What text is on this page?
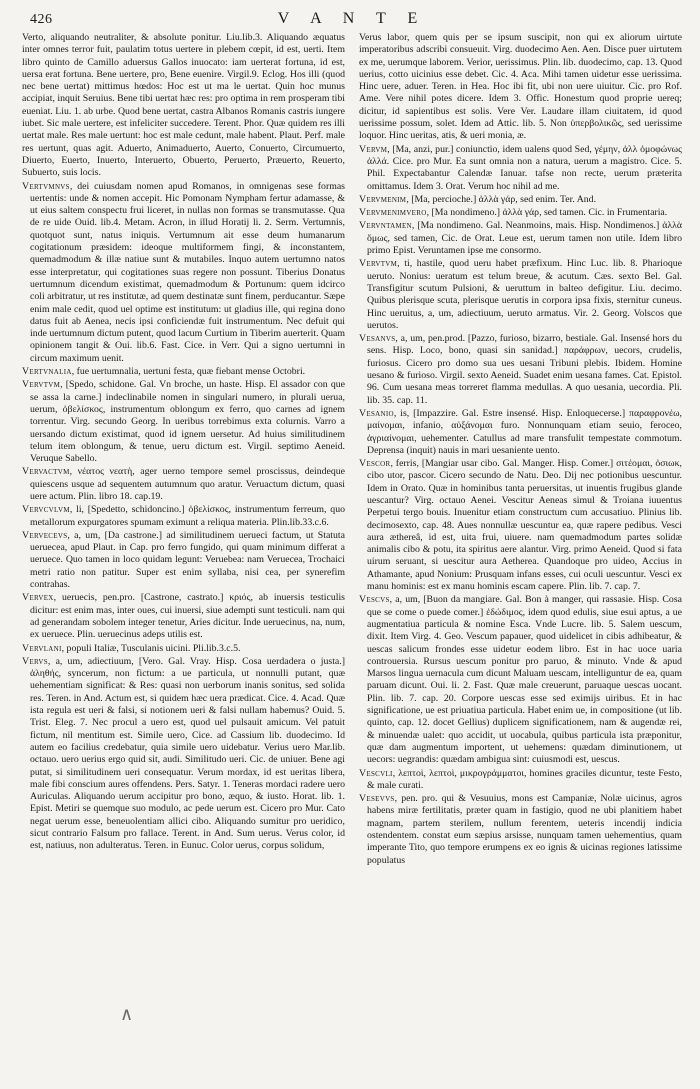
426	V A N T E

Verto, aliquando neutraliter, & absolute ponitur. Liu.lib.3. Aliquando æquatus inter omnes terror fuit, paulatim totus uertere in plebem cœpit, id est, uerti. Item libro quinto de Camillo aduersus Gallos inuocato: iam uerterat fortuna, id est, uersa erat fortuna. Bene uertere, pro, Bene euenire. Virgil.9. Eclog. Hos illi (quod nec bene uertat) mittimus hœdos: Hoc est ut ma le uertat. Quin hoc munus accipiat, inquit Seruius. Bene tibi uertat hæc res: pro optima in rem prosperam tibi eueniat. Liu. 1. ab urbe. Quod bene uertat, castra Albanos Romanis castris iungere iubet. Sic male uertere, est infeliciter succedere. Terent. Phor. Quæ quidem res illi uertat male. Res male uertunt: hoc est male cedunt, male habent. Plaut. Perf. male res uertunt, quas agit. Aduerto, Animaduerto, Auerto, Conuerto, Circumuerto, Diuerto, Euerto, Inuerto, Interuerto, Obuerto, Peruerto, Præuerto, Reuerto, Subuerto, suis locis.

Vertvmnvs, dei cuiusdam nomen apud Romanos, in omnigenas sese formas uertentis: unde & nomen accepit. Hic Pomonam Nympham fertur adamasse, & ut eius saltem conspectu frui liceret, in nullas non formas se transmutasse. Qua de re uide Ouid. lib.4. Metam. Acron, in illud Horatij li. 2. Serm. Vertumnis, quotquot sunt, natus iniquis. Vertumnum ait esse deum humanarum cogitationum præsidem: ideoque multiformem fingi, & inconstantem, quemadmodum & illæ natiue sunt & mutabiles. Inquo autem uertumno natos esse interpretatur, qui cogitationes suas regere non possunt. Tiberius Donatus uertumnum dicendum existimat, quemadmodum & Portunum: quem idcirco coli arbitratur, ut res institutæ, ad quem destinatæ sunt finem, perducantur. Sæpe enim male cedit, quod uel optime est institutum: ut gladius ille, qui regina dono datus fuit ab Aenea, necis ipsi conficiendæ fuit instrumentum. Nec defuit qui inde uertumnum dictum putent, quod lacum Curtium in Tiberim auerterit. Quam opinionem tangit & Oui. lib.6. Fast. Cice. in Verr. Qui a signo uertumni in circum maximum uenit.

Vertvnalia, fue uertumnalia, uertuni festa, quæ fiebant mense Octobri.

Vervtvm, [Spedo, schidone. Gal. Vn broche, un haste. Hisp. El assador con que se assa la carne.] indeclinabile nomen in singulari numero, in plurali uerua, uerum, ὀβελίσκος, instrumentum oblongum ex ferro, quo carnes ad ignem torrentur. Virg. secundo Georg. In ueribus torrebimus exta colurnis. Varro a uersando dictum existimat, quod id ignem uersetur. Ad huius similitudinem telum item oblongum, & tenue, ueru dictum est. Virgil. septimo Aeneid. Veruque Sabello.

Vervactvm, νέατος νεατὴ, ager uerno tempore semel proscissus, deindeque quiescens usque ad sequentem autumnum quo aratur. Veruactum dictum, quasi uere actum. Plin. libro 18. cap.19.

Vervcvlvm, li, [Spedetto, schidoncino.] ὀβελίσκος, instrumentum ferreum, quo metallorum expurgatores spumam eximunt a reliqua materia. Plin.lib.33.c.6.

Vervecevs, a, um, [Da castrone.] ad similitudinem uerueci factum, ut Statuta ueruecea, apud Plaut. in Cap. pro ferro fungido, qui quam minimum differat a ueruece. Quo tamen in loco quidam legunt: Veruebea: nam Veruecea, Trochaici metri ratio non patitur. Super est enim syllaba, nisi cea, per synerefim contrahas.

Vervex, ueruecis, pen.pro. [Castrone, castrato.] κριός, ab inuersis testiculis dicitur: est enim mas, inter oues, cui inuersi, siue adempti sunt testiculi. nam qui ad generandam sobolem integer tenetur, Aries dicitur. Inde ueruecinus, na, num, ex ueruece. Plin. ueruecinus adeps utilis est.

Vervlani, populi Italiæ, Tusculanis uicini. Pli.lib.3.c.5.

Vervs, a, um, adiectiuum, [Vero. Gal. Vray. Hisp. Cosa uerdadera o justa.] ἀληθής, syncerum, non fictum: a ue particula, ut nonnulli putant, quæ uehementiam significat: & Res: quasi non uerborum inanis sonitus, sed solida res. Teren. in And. Actum est, si quidem hæc uera prædicat. Cice. 4. Acad. Quæ ista regula est ueri & falsi, si notionem ueri & falsi nullam habemus? Ouid. 5. Trist. Eleg. 7. Nec procul a uero est, quod uel pulsauit amicum. Vel patuit fictum, nil mentitum est. Simile uero, Cice. ad Cassium lib. duodecimo. Id autem eo facilius credebatur, quia simile uero uidebatur. Verius uero Mar.lib. octauo. uero uerius ergo quid sit, audi. Similitudo ueri. Cic. de uniuer. Bene agi putat, si similitudinem ueri consequatur. Verum mordax, id est ueritas libera, male fibi conscium aures offendens. Pers. Satyr. 1. Teneras mordaci radere uero Auriculas. Aliquando uerum accipitur pro bono, æquo, & iusto. Horat. lib. 1. Epist. Metiri se quemque suo modulo, ac pede uerum est. Cicero pro Mur. Cato negat uerum esse, beneuolentiam allici cibo. Aliquando sumitur pro ueridico, sicut contrario Falsum pro fallace. Terent. in And. Sum uerus. Verus color, id est, natiuus, non adulteratus. Teren. in Eunuc. Color uerus, corpus solidum,

Verus labor, quem quis per se ipsum suscipit, non qui ex aliorum uirtute imperatoribus adscribi consueuit. Virg. duodecimo Aen. Aen. Disce puer uirtutem ex me, uerumque laborem. Verior, uerissimus. Plin. lib. duodecimo, cap. 13. Quod uerius, cotto uicinius esse debet. Cic. 4. Aca. Mihi tamen uidetur esse uerissima. Hinc uere, aduer. Teren. in Hea. Hoc ibi fit, ubi non uere uiuitur. Cic. pro Rof. Ame. Vere nihil potes dicere. Idem 3. Offic. Honestum quod proprie uereq; dicitur, id sapientibus est solis. Vere Ver. Laudare illam ciuitatem, id quod uerissime possum, solet. Idem ad Attic. lib. 5. Non ὑπερβολικῶς, sed uerissime loquor. Hinc ueritas, atis, & ueri monia, æ.

Vervm, [Ma, anzi, pur.] coniunctio, idem ualens quod Sed, γέμην, ἀλλ ὁμοφώνως ἀλλά. Cice. pro Mur. Ea sunt omnia non a natura, uerum a magistro. Cice. 5. Phil. Expectabantur Calendæ Ianuar. tafse non recte, uerum præterita omittamus. Idem 3. Orat. Verum hoc nihil ad me.

Vervmenim, [Ma, percioche.] ἀλλὰ γάρ, sed enim. Ter. And.

Vervmenimvero, [Ma nondimeno.] ἀλλὰ γάρ, sed tamen. Cic. in Frumentaria.

Vervntamen, [Ma nondimeno. Gal. Neanmoins, mais. Hisp. Nondimenos.] ἀλλὰ ὅμως, sed tamen, Cic. de Orat. Leue est, uerum tamen non utile. Idem libro primo Epist. Veruntamen ipse me consormo.

Vervtvm, ti, hastile, quod ueru habet præfixum. Hinc Luc. lib. 8. Pharioque ueruto. Nonius: ueratum est telum breue, & acutum. Cæs. sexto Bel. Gal. Transfigitur scutum Pulsioni, & ueruttum in balteo defigitur. Liu. decimo. Quibus plerisque scuta, plerisque uerutis in corpora ipsa fixis, sternitur cuneus. Hinc ueruitus, a, um, adiectiuum, ueruto armatus. Vir. 2. Georg. Volscos que uerutos.

Vesanvs, a, um, pen.prod. [Pazzo, furioso, bizarro, bestiale. Gal. Insensé hors du sens. Hisp. Loco, bono, quasi sin sanidad.] παράφρων, uecors, crudelis, furiosus. Cicero pro domo sua ues uesani Tribuni plebis. Ibidem. Homine uesano & furioso. Virgil. sexto Aeneid. Suadet enim uesana fames. Cat. Epistol. 96. Cum uesana meas torreret flamma medullas. A quo uesania, uecordia. Pli. lib. 35. cap. 11.

Vesanio, is, [Impazzire. Gal. Estre insensé. Hisp. Enloquecerse.] παραφρονέω, μαίνομαι, infanio, αὐξάνομαι furo. Nonnunquam etiam seuio, feroceo, ἀγριαίνομαι, uehementer. Catullus ad mare transfulit tempestate commotum. Deprensa (inquit) nauis in mari uesaniente uento.

Vescor, ferris, [Mangiar usar cibo. Gal. Manger. Hisp. Comer.] σιτέομαι, ὀσιωκ, cibo utor, pascor. Cicero secundo de Natu. Deo. Dij nec potionibus uescuntur. Idem in Orato. Quæ in hominibus tanta peruersitas, ut inuentis frugibus glande uescantur? Virg. octauo Aenei. Vescitur Aeneas simul & Troiana iuuentus Perpetui tergo bouis. Inuenitur etiam constructum cum accusatiuo. Plinius lib. decimosexto, cap. 48. Aues nonnullæ uescuntur ea, quæ rapere pedibus. Vesci aura æthereâ, id est, uita frui, uiuere. nam quemadmodum partes solidæ animalis cibo & potu, ita spiritus aere alantur. Virg. primo Aeneid. Quod si fata uirum seruant, si uescitur aura Aetherea. Quandoque pro uideo, Accius in Athamante, apud Nonium: Prusquam infans esses, cui oculi uescuntur. Vesci ex manu hominis: est ex manu hominis escam capere. Plin. lib. 7. cap. 7.

Vescvs, a, um, [Buon da mangiare. Gal. Bon à manger, qui rassasie. Hisp. Cosa que se come o puede comer.] ἐδώδιμος, idem quod edulis, siue esui aptus, a ue augmentatiua particula & nomine Esca. Vnde Lucre. lib. 5. Salem uescum, dixit. Item Virg. 4. Geo. Vescum papauer, quod uidelicet in cibis adhibeatur, & uescas salicum frondes esse uidetur eodem libro. Est in hac uoce uaria controuersia. Rursus uescum ponitur pro paruo, & minuto. Vnde & apud Marsos lingua uernacula cum dicunt Maluam uescam, intelliguntur de ea, quam paruam dicunt. Oui. li. 2. Fast. Quæ male creuerunt, paruaque uescas uocant. Plin. lib. 7. cap. 20. Corpore uescas esse sed eximijs uiribus. Et in hac significatione, ue est priuatiua particula. Habet enim ue, in compositione (ut lib. quinto, cap. 12. docet Gellius) duplicem significationem, nam & augendæ rei, & minuendæ ualet: quo accidit, ut uocabula, quibus particula ista præponitur, quæ dam augmentum importent, ut uehemens: quædam diminutionem, ut uecors: uegrandis: quædam ambigua sint: cuiusmodi est, uescus.

Vescvli, λεπτοὶ, λεπτοὶ, μικρογράμματοι, homines graciles dicuntur, teste Festo, & male curati.

Vesevvs, pen. pro. qui & Vesuuius, mons est Campaniæ, Nolæ uicinus, agros habens miræ fertilitatis, præter quam in fastigio, quod ne ubi planitiem habet magnam, partem sterilem, nullum ferentem, ueteris incendij indicia ostendentem. constat eum sæpius arsisse, nunquam tamen uehementius, quam imperante Tito, quo tempore erumpens ex eo ignis & uicinas regiones latissime populatus

∧
